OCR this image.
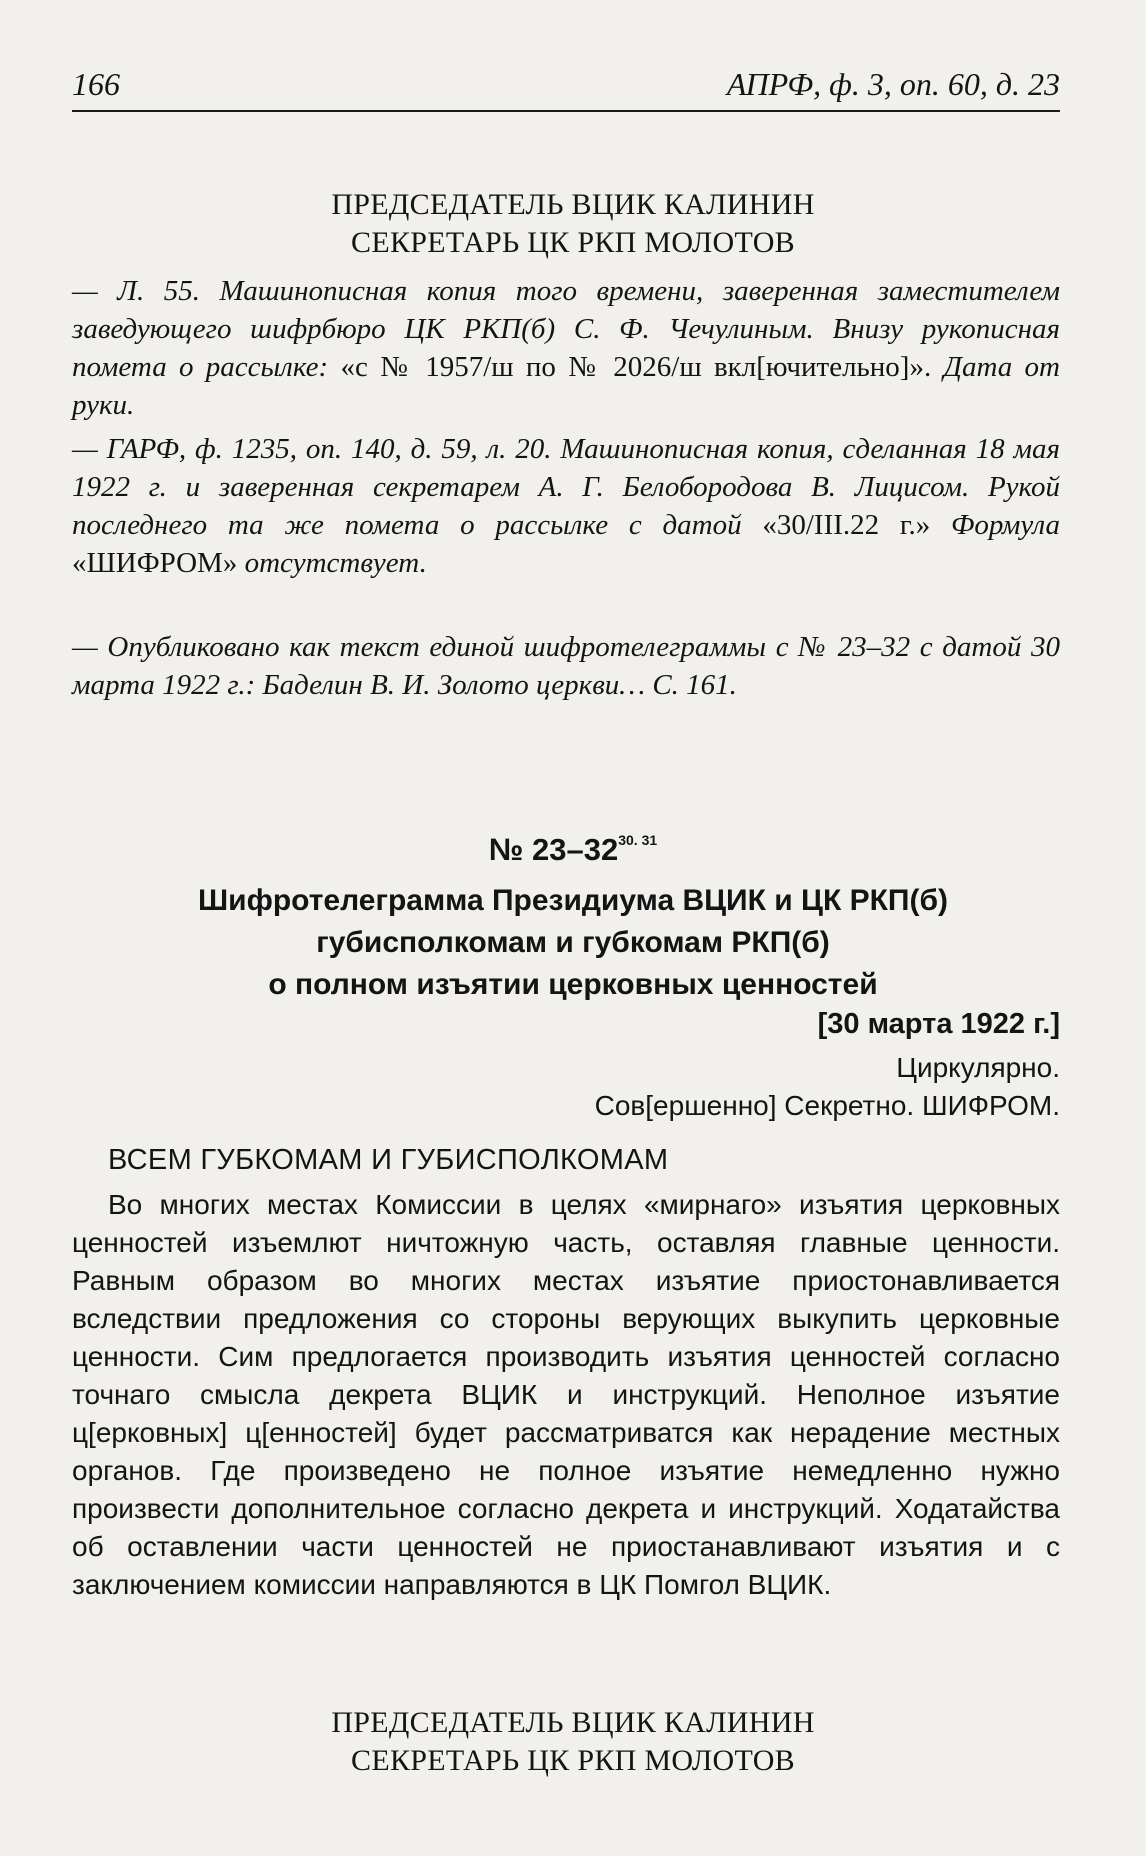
166	АПРФ, ф. 3, оп. 60, д. 23
ПРЕДСЕДАТЕЛЬ ВЦИК КАЛИНИН
СЕКРЕТАРЬ ЦК РКП МОЛОТОВ

— Л. 55. Машинописная копия того времени, заверенная заместителем заведующего шифрбюро ЦК РКП(б) С. Ф. Чечулиным. Внизу рукописная помета о рассылке: «с № 1957/ш по № 2026/ш вкл[ючительно]». Дата от руки.

— ГАРФ, ф. 1235, оп. 140, д. 59, л. 20. Машинописная копия, сделанная 18 мая 1922 г. и заверенная секретарем А. Г. Белобородова В. Лицисом. Рукой последнего та же помета о рассылке с датой «30/III.22 г.» Формула «ШИФРОМ» отсутствует.

— Опубликовано как текст единой шифротелеграммы с № 23–32 с датой 30 марта 1922 г.: Баделин В. И. Золото церкви… С. 161.

№ $23-32^{30. 31}$
Шифротелеграмма Президиума ВЦИК и ЦК РКП(б)
губисполкомам и губкомам РКП(б)
о полном изъятии церковных ценностей
[30 марта 1922 г.]
Циркулярно.
Сов[ершенно] Секретно. ШИФРОМ.
ВСЕМ ГУБКОМАМ И ГУБИСПОЛКОМАМ

Во многих местах Комиссии в целях «мирнаго» изъятия церковных ценностей изъемлют ничтожную часть, оставляя главные ценности. Равным образом во многих местах изъятие приостонавливается вследствии предложения со стороны верующих выкупить церковные ценности. Сим предлогается производить изъятия ценностей согласно точнаго смысла декрета ВЦИК и инструкций. Неполное изъятие ц[ерковных] ц[енностей] будет рассматриватся как нерадение местных органов. Где произведено не полное изъятие немедленно нужно произвести дополнительное согласно декрета и инструкций. Ходатайства об оставлении части ценностей не приостанавливают изъятия и с заключением комиссии направляются в ЦК Помгол ВЦИК.

ПРЕДСЕДАТЕЛЬ ВЦИК КАЛИНИН
СЕКРЕТАРЬ ЦК РКП МОЛОТОВ
